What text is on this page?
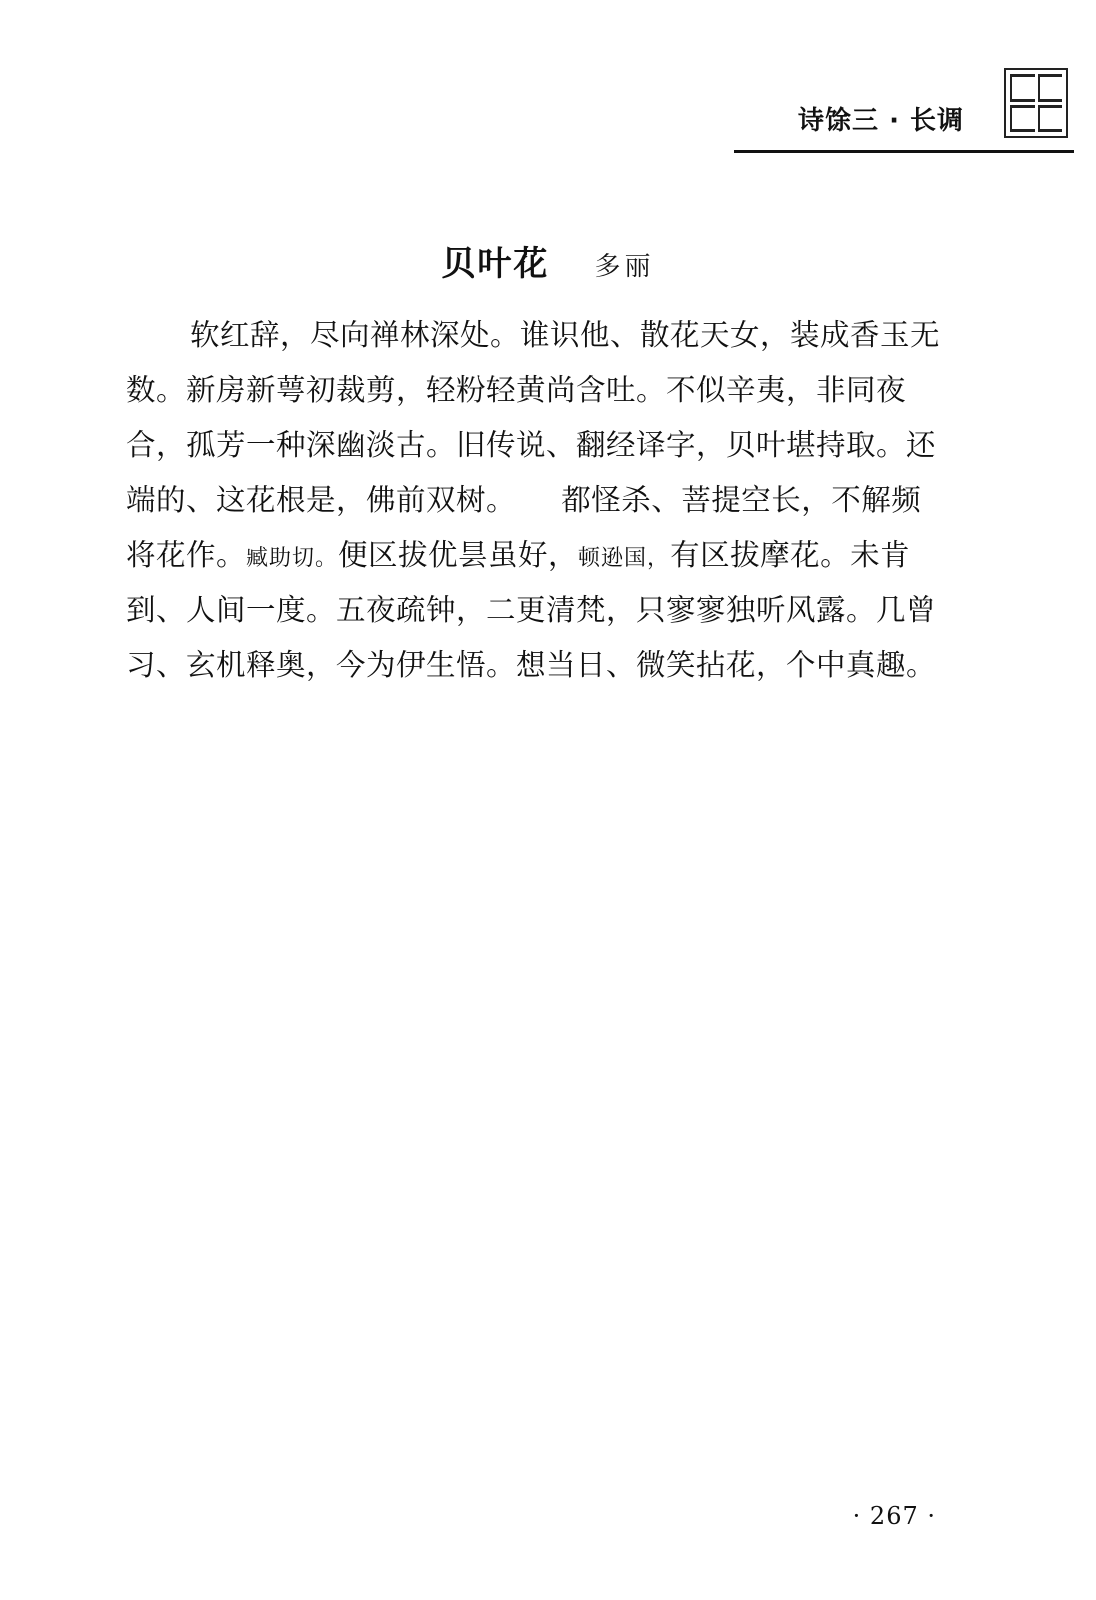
诗馀三 · 长调
贝叶花 多丽
软红辞，尽向禅林深处。谁识他、散花天女，装成香玉无
数。新房新萼初裁剪，轻粉轻黄尚含吐。不似辛夷，非同夜
合，孤芳一种深幽淡古。旧传说、翻经译字，贝叶堪持取。还
端的、这花根是，佛前双树。　　都怪杀、菩提空长，不解频
将花作。臧助切。便区拔优昙虽好，顿逊国，有区拔摩花。未肯
到、人间一度。五夜疏钟，二更清梵，只寥寥独听风露。几曾
习、玄机释奥，今为伊生悟。想当日、微笑拈花，个中真趣。
· 267 ·
